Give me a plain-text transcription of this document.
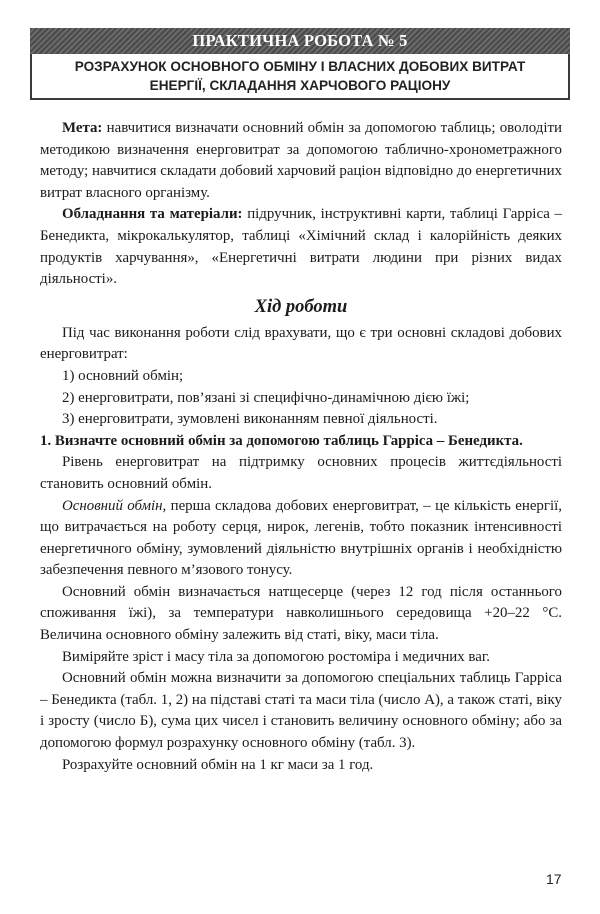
ПРАКТИЧНА РОБОТА № 5
РОЗРАХУНОК ОСНОВНОГО ОБМІНУ І ВЛАСНИХ ДОБОВИХ ВИТРАТ
ЕНЕРГІЇ, СКЛАДАННЯ ХАРЧОВОГО РАЦІОНУ

Мета: навчитися визначати основний обмін за допомогою таблиць; оволодіти методикою визначення енерговитрат за допомогою таблично-хронометражного методу; навчитися складати добовий харчовий раціон відповідно до енергетичних витрат власного організму.

Обладнання та матеріали: підручник, інструктивні карти, таблиці Гарріса – Бенедикта, мікрокалькулятор, таблиці «Хімічний склад і калорійність деяких продуктів харчування», «Енергетичні витрати людини при різних видах діяльності».

Хід роботи

Під час виконання роботи слід врахувати, що є три основні складові добових енерговитрат:

1) основний обмін;

2) енерговитрати, пов’язані зі специфічно-динамічною дією їжі;

3) енерговитрати, зумовлені виконанням певної діяльності.

1. Визначте основний обмін за допомогою таблиць Гарріса – Бенедикта.

Рівень енерговитрат на підтримку основних процесів життєдіяльності становить основний обмін.

Основний обмін, перша складова добових енерговитрат, – це кількість енергії, що витрачається на роботу серця, нирок, легенів, тобто показник інтенсивності енергетичного обміну, зумовлений діяльністю внутрішніх органів і необхідністю забезпечення певного м’язового тонусу.

Основний обмін визначається натщесерце (через 12 год після останнього споживання їжі), за температури навколишнього середовища +20–22 °С. Величина основного обміну залежить від статі, віку, маси тіла.

Виміряйте зріст і масу тіла за допомогою ростоміра і медичних ваг.

Основний обмін можна визначити за допомогою спеціальних таблиць Гарріса – Бенедикта (табл. 1, 2) на підставі статі та маси тіла (число А), а також статі, віку і зросту (число Б), сума цих чисел і становить величину основного обміну; або за допомогою формул розрахунку основного обміну (табл. 3).

Розрахуйте основний обмін на 1 кг маси за 1 год.

17
